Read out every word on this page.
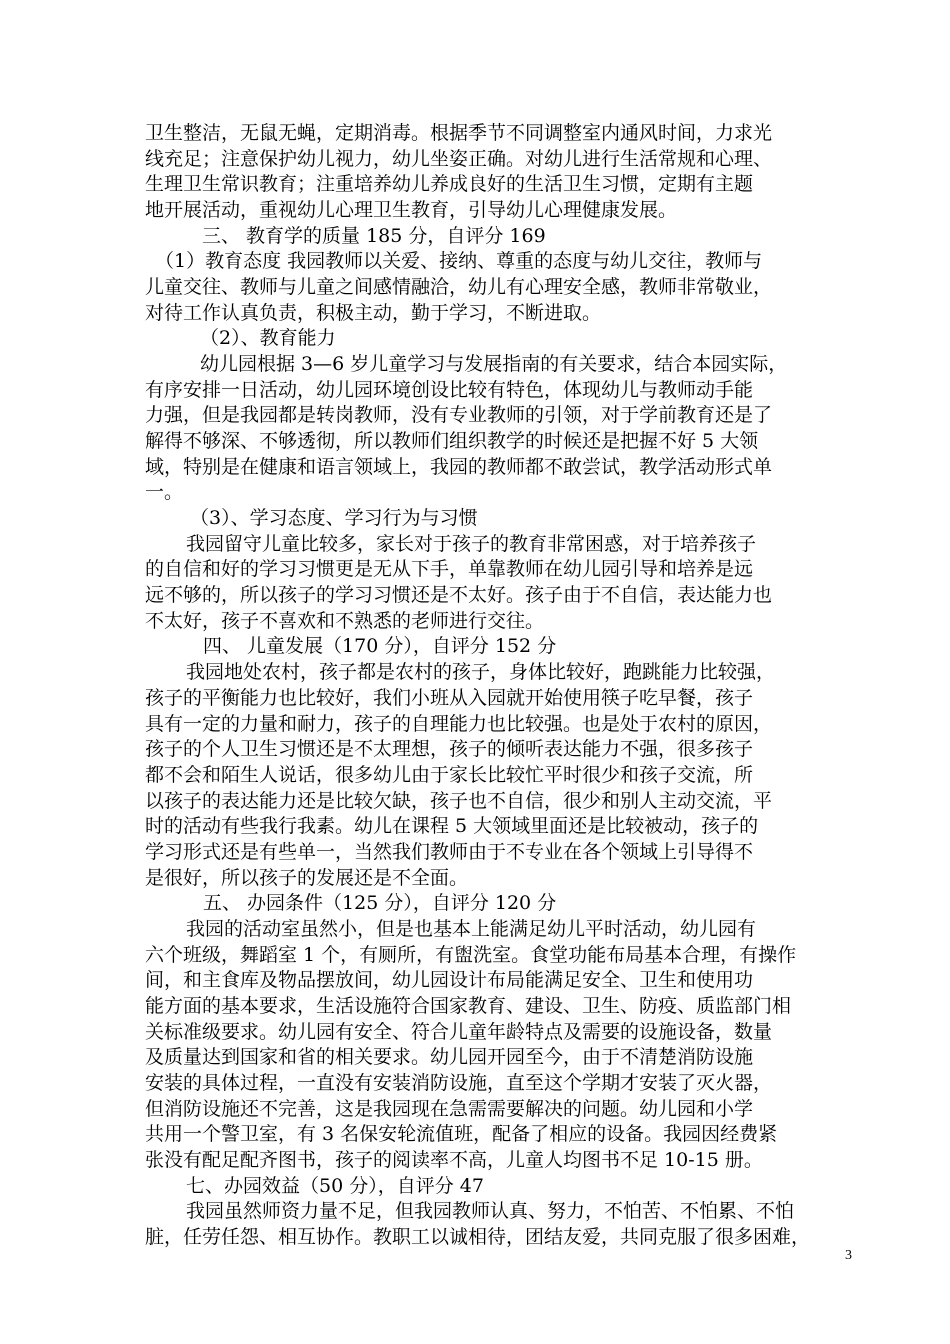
卫生整洁，无鼠无蝇，定期消毒。根据季节不同调整室内通风时间，力求光
线充足；注意保护幼儿视力，幼儿坐姿正确。对幼儿进行生活常规和心理、
生理卫生常识教育；注重培养幼儿养成良好的生活卫生习惯，定期有主题
地开展活动，重视幼儿心理卫生教育，引导幼儿心理健康发展。
三、 教育学的质量 185 分，自评分 169
（1）教育态度 我园教师以关爱、接纳、尊重的态度与幼儿交往，教师与
儿童交往、教师与儿童之间感情融洽，幼儿有心理安全感，教师非常敬业，
对待工作认真负责，积极主动，勤于学习，不断进取。
（2）、教育能力
幼儿园根据 3—6 岁儿童学习与发展指南的有关要求，结合本园实际，
有序安排一日活动，幼儿园环境创设比较有特色，体现幼儿与教师动手能
力强，但是我园都是转岗教师，没有专业教师的引领，对于学前教育还是了
解得不够深、不够透彻，所以教师们组织教学的时候还是把握不好 5 大领
域，特别是在健康和语言领域上，我园的教师都不敢尝试，教学活动形式单
一。
（3）、学习态度、学习行为与习惯
我园留守儿童比较多，家长对于孩子的教育非常困惑，对于培养孩子
的自信和好的学习习惯更是无从下手，单靠教师在幼儿园引导和培养是远
远不够的，所以孩子的学习习惯还是不太好。孩子由于不自信，表达能力也
不太好，孩子不喜欢和不熟悉的老师进行交往。
四、 儿童发展（170 分），自评分 152 分
我园地处农村，孩子都是农村的孩子，身体比较好，跑跳能力比较强，
孩子的平衡能力也比较好，我们小班从入园就开始使用筷子吃早餐，孩子
具有一定的力量和耐力，孩子的自理能力也比较强。也是处于农村的原因，
孩子的个人卫生习惯还是不太理想，孩子的倾听表达能力不强，很多孩子
都不会和陌生人说话，很多幼儿由于家长比较忙平时很少和孩子交流，所
以孩子的表达能力还是比较欠缺，孩子也不自信，很少和别人主动交流，平
时的活动有些我行我素。幼儿在课程 5 大领域里面还是比较被动，孩子的
学习形式还是有些单一，当然我们教师由于不专业在各个领域上引导得不
是很好，所以孩子的发展还是不全面。
五、 办园条件（125 分），自评分 120 分
我园的活动室虽然小，但是也基本上能满足幼儿平时活动，幼儿园有
六个班级，舞蹈室 1 个，有厕所，有盥洗室。食堂功能布局基本合理，有操作
间，和主食库及物品摆放间，幼儿园设计布局能满足安全、卫生和使用功
能方面的基本要求，生活设施符合国家教育、建设、卫生、防疫、质监部门相
关标准级要求。幼儿园有安全、符合儿童年龄特点及需要的设施设备，数量
及质量达到国家和省的相关要求。幼儿园开园至今，由于不清楚消防设施
安装的具体过程，一直没有安装消防设施，直至这个学期才安装了灭火器，
3
但消防设施还不完善，这是我园现在急需需要解决的问题。幼儿园和小学
共用一个警卫室，有 3 名保安轮流值班，配备了相应的设备。我园因经费紧
张没有配足配齐图书，孩子的阅读率不高，儿童人均图书不足 10-15 册。
七、办园效益（50 分），自评分 47
我园虽然师资力量不足，但我园教师认真、努力，不怕苦、不怕累、不怕
脏，任劳任怨、相互协作。教职工以诚相待，团结友爱，共同克服了很多困难，
